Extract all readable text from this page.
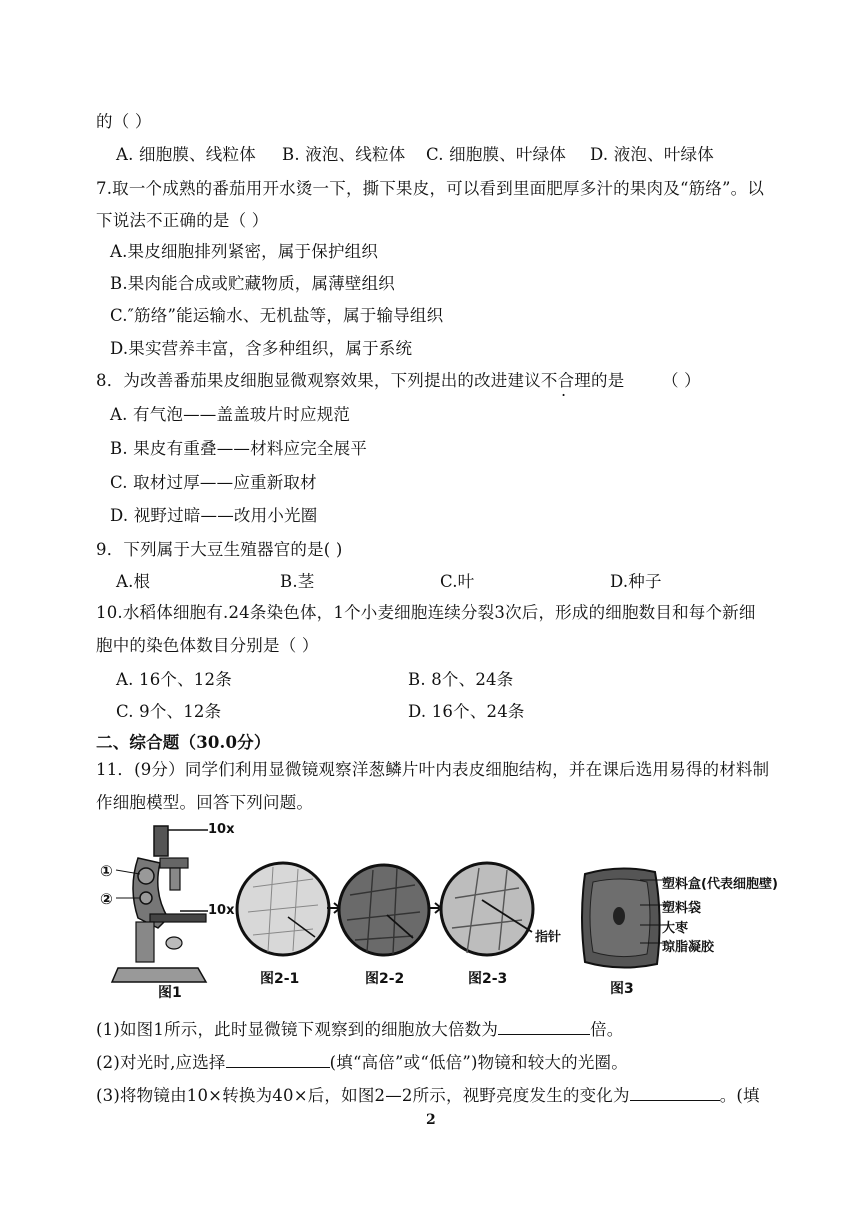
的（ ）
A. 细胞膜、线粒体 B. 液泡、线粒体 C. 细胞膜、叶绿体 D. 液泡、叶绿体
7.取一个成熟的番茄用开水烫一下，撕下果皮，可以看到里面肥厚多汁的果肉及“筋络”。以
下说法不正确的是（ ）
A.果皮细胞排列紧密，属于保护组织
B.果肉能合成或贮藏物质，属薄壁组织
C.″筋络”能运输水、无机盐等，属于输导组织
D.果实营养丰富，含多种组织，属于系统
8．为改善番茄果皮细胞显微观察效果，下列提出的改进建议不合理的是 （ ）
A. 有气泡——盖盖玻片时应规范
B. 果皮有重叠——材料应完全展平
C. 取材过厚——应重新取材
D. 视野过暗——改用小光圈
9．下列属于大豆生殖器官的是( )
A.根	B.茎	C.叶	D.种子
10.水稻体细胞有.24条染色体，1个小麦细胞连续分裂3次后，形成的细胞数目和每个新细
胞中的染色体数目分别是（ ）
A. 16个、12条	B. 8个、24条
C. 9个、12条	D. 16个、24条
二、综合题（30.0分）
11．(9分）同学们利用显微镜观察洋葱鳞片叶内表皮细胞结构，并在课后选用易得的材料制
作细胞模型。回答下列问题。
10x
10x
①
②
图1
图2-1	图2-2
指针
图2-3
塑料盒(代表细胞壁)
塑料袋
大枣
琼脂凝胶
图3
(1)如图1所示，此时显微镜下观察到的细胞放大倍数为	倍。
(2)对光时,应选择	(填“高倍”或“低倍”)物镜和较大的光圈。
(3)将物镜由10×转换为40×后，如图2—2所示，视野亮度发生的变化为	。(填
2
